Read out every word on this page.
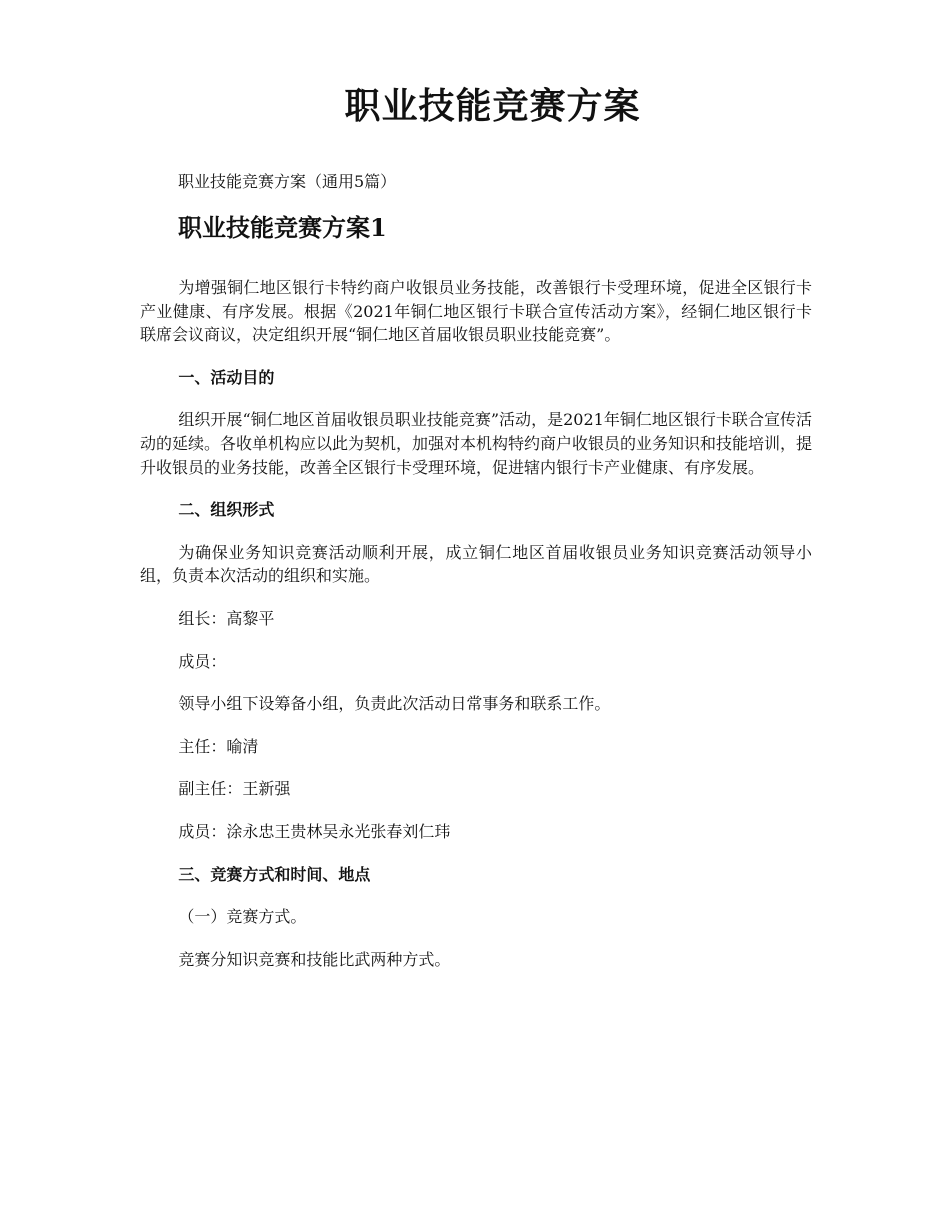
职业技能竞赛方案
职业技能竞赛方案（通用5篇）
职业技能竞赛方案1

为增强铜仁地区银行卡特约商户收银员业务技能，改善银行卡受理环境，促进全区银行卡产业健康、有序发展。根据《2021年铜仁地区银行卡联合宣传活动方案》，经铜仁地区银行卡联席会议商议，决定组织开展“铜仁地区首届收银员职业技能竞赛”。

一、活动目的

组织开展“铜仁地区首届收银员职业技能竞赛”活动，是2021年铜仁地区银行卡联合宣传活动的延续。各收单机构应以此为契机，加强对本机构特约商户收银员的业务知识和技能培训，提升收银员的业务技能，改善全区银行卡受理环境，促进辖内银行卡产业健康、有序发展。

二、组织形式

为确保业务知识竞赛活动顺利开展，成立铜仁地区首届收银员业务知识竞赛活动领导小组，负责本次活动的组织和实施。

组长：高黎平

成员：

领导小组下设筹备小组，负责此次活动日常事务和联系工作。

主任：喻清

副主任：王新强

成员：涂永忠王贵林吴永光张春刘仁玮

三、竞赛方式和时间、地点

（一）竞赛方式。

竞赛分知识竞赛和技能比武两种方式。
